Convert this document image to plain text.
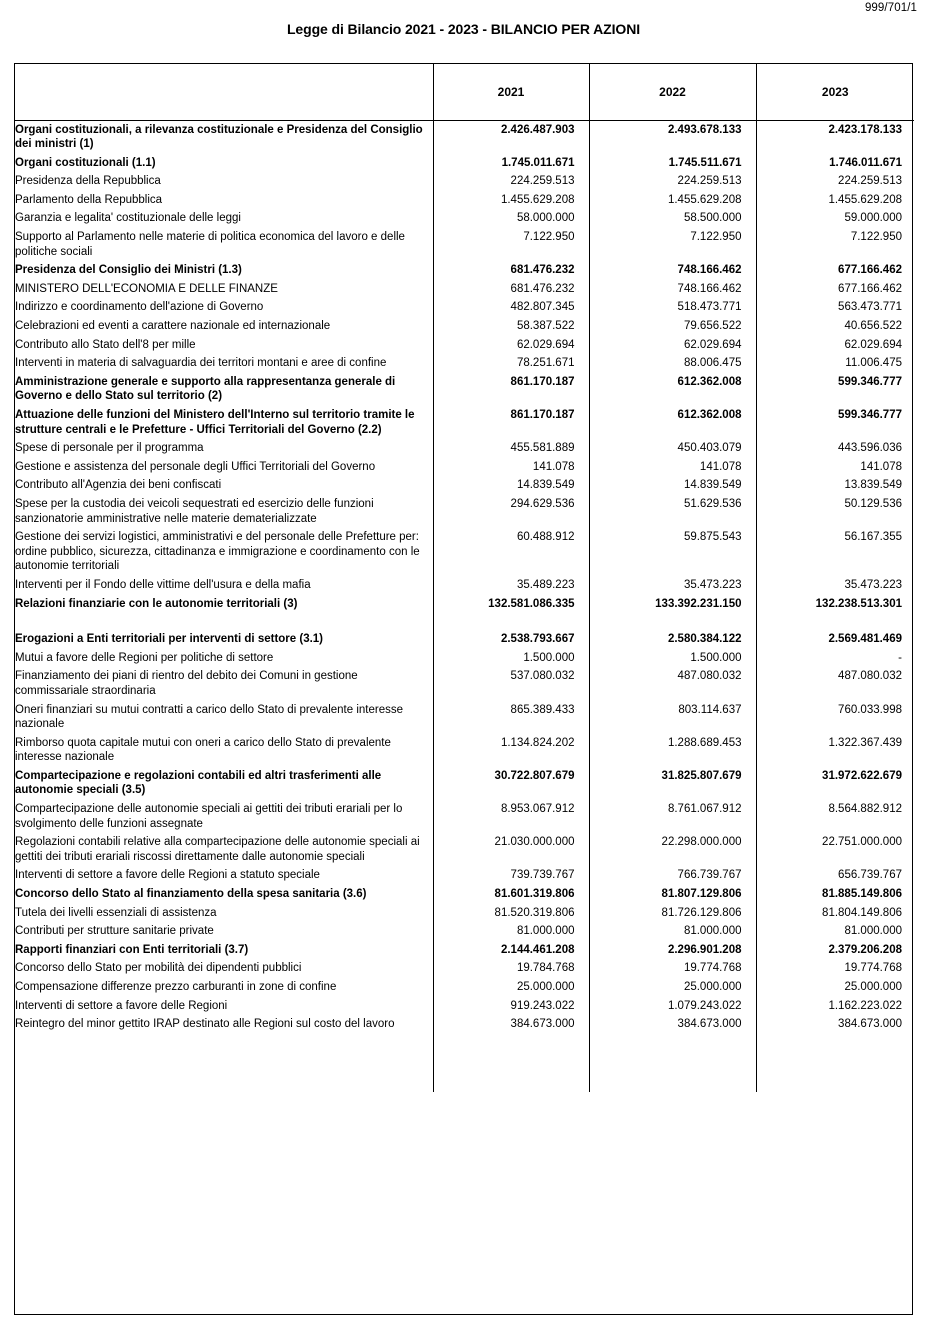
999/701/1
Legge di Bilancio 2021 - 2023 - BILANCIO PER AZIONI
	2021	2022	2023
Organi costituzionali, a rilevanza costituzionale e Presidenza del Consiglio dei ministri (1)	2.426.487.903	2.493.678.133	2.423.178.133
Organi costituzionali (1.1)	1.745.011.671	1.745.511.671	1.746.011.671
Presidenza della Repubblica	224.259.513	224.259.513	224.259.513
Parlamento della Repubblica	1.455.629.208	1.455.629.208	1.455.629.208
Garanzia e legalita' costituzionale delle leggi	58.000.000	58.500.000	59.000.000
Supporto al Parlamento nelle materie di politica economica del lavoro e delle politiche sociali	7.122.950	7.122.950	7.122.950
Presidenza del Consiglio dei Ministri (1.3)	681.476.232	748.166.462	677.166.462
MINISTERO DELL'ECONOMIA E DELLE FINANZE	681.476.232	748.166.462	677.166.462
Indirizzo e coordinamento dell'azione di Governo	482.807.345	518.473.771	563.473.771
Celebrazioni ed eventi a carattere nazionale ed internazionale	58.387.522	79.656.522	40.656.522
Contributo allo Stato dell'8 per mille	62.029.694	62.029.694	62.029.694
Interventi in materia di salvaguardia dei territori montani e aree di confine	78.251.671	88.006.475	11.006.475
Amministrazione generale e supporto alla rappresentanza generale di Governo e dello Stato sul territorio (2)	861.170.187	612.362.008	599.346.777
Attuazione delle funzioni del Ministero dell'Interno sul territorio tramite le strutture centrali e le Prefetture - Uffici Territoriali del Governo (2.2)	861.170.187	612.362.008	599.346.777
Spese di personale per il programma	455.581.889	450.403.079	443.596.036
Gestione e assistenza del personale degli Uffici Territoriali del Governo	141.078	141.078	141.078
Contributo all'Agenzia dei beni confiscati	14.839.549	14.839.549	13.839.549
Spese per la custodia dei veicoli sequestrati ed esercizio delle funzioni sanzionatorie amministrative nelle materie dematerializzate	294.629.536	51.629.536	50.129.536
Gestione dei servizi logistici, amministrativi e del personale delle Prefetture per: ordine pubblico, sicurezza, cittadinanza e immigrazione e coordinamento con le autonomie territoriali	60.488.912	59.875.543	56.167.355
Interventi per il Fondo delle vittime dell'usura e della mafia	35.489.223	35.473.223	35.473.223
Relazioni finanziarie con le autonomie territoriali (3)	132.581.086.335	133.392.231.150	132.238.513.301

Erogazioni a Enti territoriali per interventi di settore (3.1)	2.538.793.667	2.580.384.122	2.569.481.469
Mutui a favore delle Regioni per politiche di settore	1.500.000	1.500.000	-
Finanziamento dei piani di rientro del debito dei Comuni in gestione commissariale straordinaria	537.080.032	487.080.032	487.080.032
Oneri finanziari su mutui contratti a carico dello Stato di prevalente interesse nazionale	865.389.433	803.114.637	760.033.998
Rimborso quota capitale mutui con oneri a carico dello Stato di prevalente interesse nazionale	1.134.824.202	1.288.689.453	1.322.367.439
Compartecipazione e regolazioni contabili ed altri trasferimenti alle autonomie speciali (3.5)	30.722.807.679	31.825.807.679	31.972.622.679
Compartecipazione delle autonomie speciali ai gettiti dei tributi erariali per lo svolgimento delle funzioni assegnate	8.953.067.912	8.761.067.912	8.564.882.912
Regolazioni contabili relative alla compartecipazione delle autonomie speciali ai gettiti dei tributi erariali riscossi direttamente dalle autonomie speciali	21.030.000.000	22.298.000.000	22.751.000.000
Interventi di settore a favore delle Regioni a statuto speciale	739.739.767	766.739.767	656.739.767
Concorso dello Stato al finanziamento della spesa sanitaria (3.6)	81.601.319.806	81.807.129.806	81.885.149.806
Tutela dei livelli essenziali di assistenza	81.520.319.806	81.726.129.806	81.804.149.806
Contributi per strutture sanitarie private	81.000.000	81.000.000	81.000.000
Rapporti finanziari con Enti territoriali (3.7)	2.144.461.208	2.296.901.208	2.379.206.208
Concorso dello Stato per mobilità dei dipendenti pubblici	19.784.768	19.774.768	19.774.768
Compensazione differenze prezzo carburanti in zone di confine	25.000.000	25.000.000	25.000.000
Interventi di settore a favore delle Regioni	919.243.022	1.079.243.022	1.162.223.022
Reintegro del minor gettito IRAP destinato alle Regioni sul costo del lavoro	384.673.000	384.673.000	384.673.000
